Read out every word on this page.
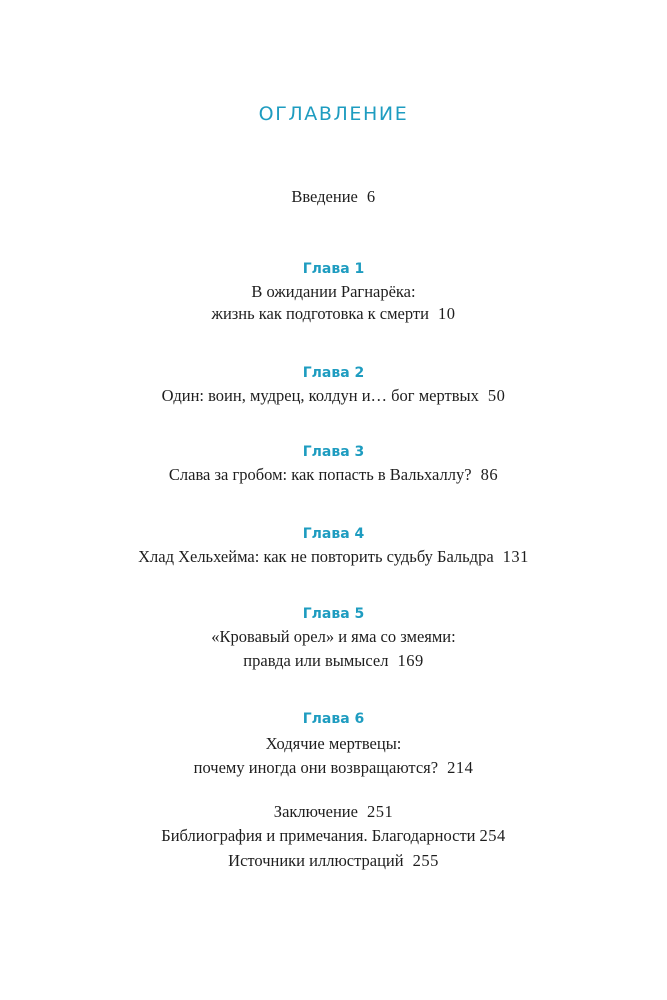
ОГЛАВЛЕНИЕ
Введение 6
Глава 1
В ожидании Рагнарёка:
жизнь как подготовка к смерти 10
Глава 2
Один: воин, мудрец, колдун и… бог мертвых 50
Глава 3
Слава за гробом: как попасть в Вальхаллу? 86
Глава 4
Хлад Хельхейма: как не повторить судьбу Бальдра 131
Глава 5
«Кровавый орел» и яма со змеями:
правда или вымысел 169
Глава 6
Ходячие мертвецы:
почему иногда они возвращаются? 214
Заключение 251
Библиография и примечания. Благодарности 254
Источники иллюстраций 255
